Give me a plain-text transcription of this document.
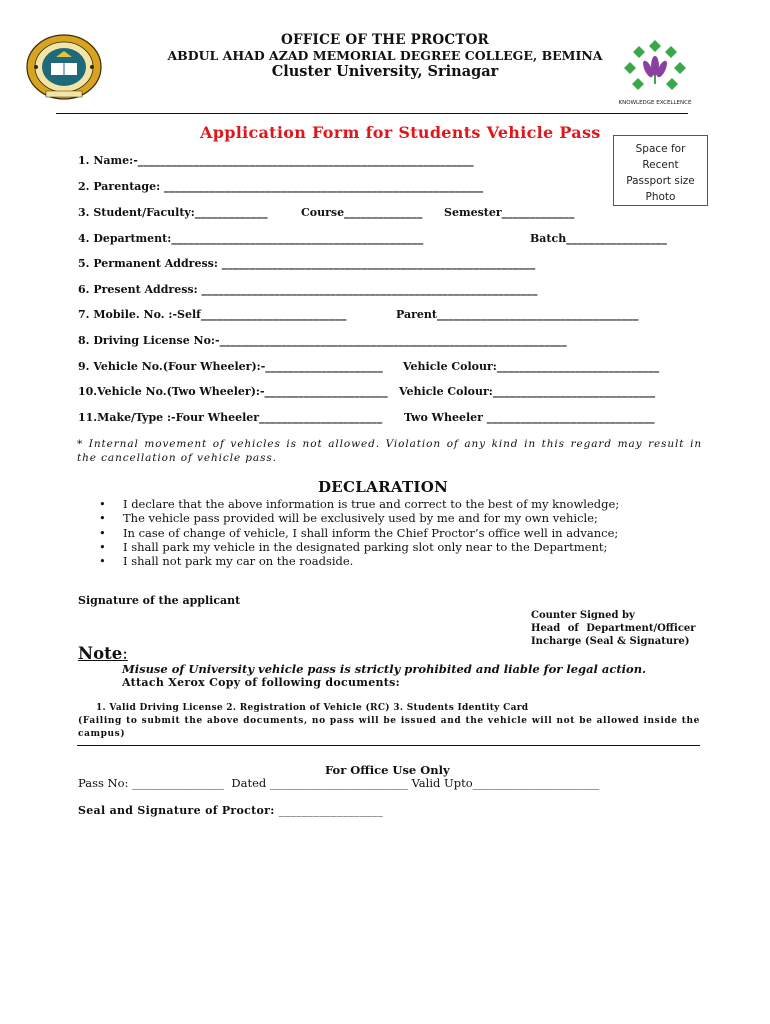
KNOWLEDGE EXCELLENCE
OFFICE OF THE PROCTOR
ABDUL AHAD AZAD MEMORIAL DEGREE COLLEGE, BEMINA
Cluster University, Srinagar
Application Form for Students Vehicle Pass
Space for
Recent
Passport size
Photo
1. Name:-____________________________________________________________
2. Parentage: _________________________________________________________
3. Student/Faculty:_____________	Course______________ Semester_____________
4. Department:_____________________________________________	Batch__________________
5. Permanent Address: ________________________________________________________
6. Present Address: ____________________________________________________________
7. Mobile. No. :-Self__________________________	Parent____________________________________
8. Driving License No:-______________________________________________________________
9. Vehicle No.(Four Wheeler):-_____________________ Vehicle Colour:_____________________________
10.Vehicle No.(Two Wheeler):-______________________ Vehicle Colour:_____________________________
11.Make/Type :-Four Wheeler______________________ Two Wheeler ______________________________
* Internal movement of vehicles is not allowed. Violation of any kind in this regard may result in the cancellation of vehicle pass.
DECLARATION
• I declare that the above information is true and correct to the best of my knowledge;
• The vehicle pass provided will be exclusively used by me and for my own vehicle;
• In case of change of vehicle, I shall inform the Chief Proctor’s office well in advance;
• I shall park my vehicle in the designated parking slot only near to the Department;
• I shall not park my car on the roadside.
Signature of the applicant
Counter Signed by
Head of Department/Officer
Incharge (Seal & Signature)
Note:
Misuse of University vehicle pass is strictly prohibited and liable for legal action.
Attach Xerox Copy of following documents:
1. Valid Driving License 2. Registration of Vehicle (RC) 3. Students Identity Card
(Failing to submit the above documents, no pass will be issued and the vehicle will not be allowed inside the campus)
For Office Use Only
Pass No: ________________  Dated ________________________ Valid Upto______________________
Seal and Signature of Proctor: __________________
